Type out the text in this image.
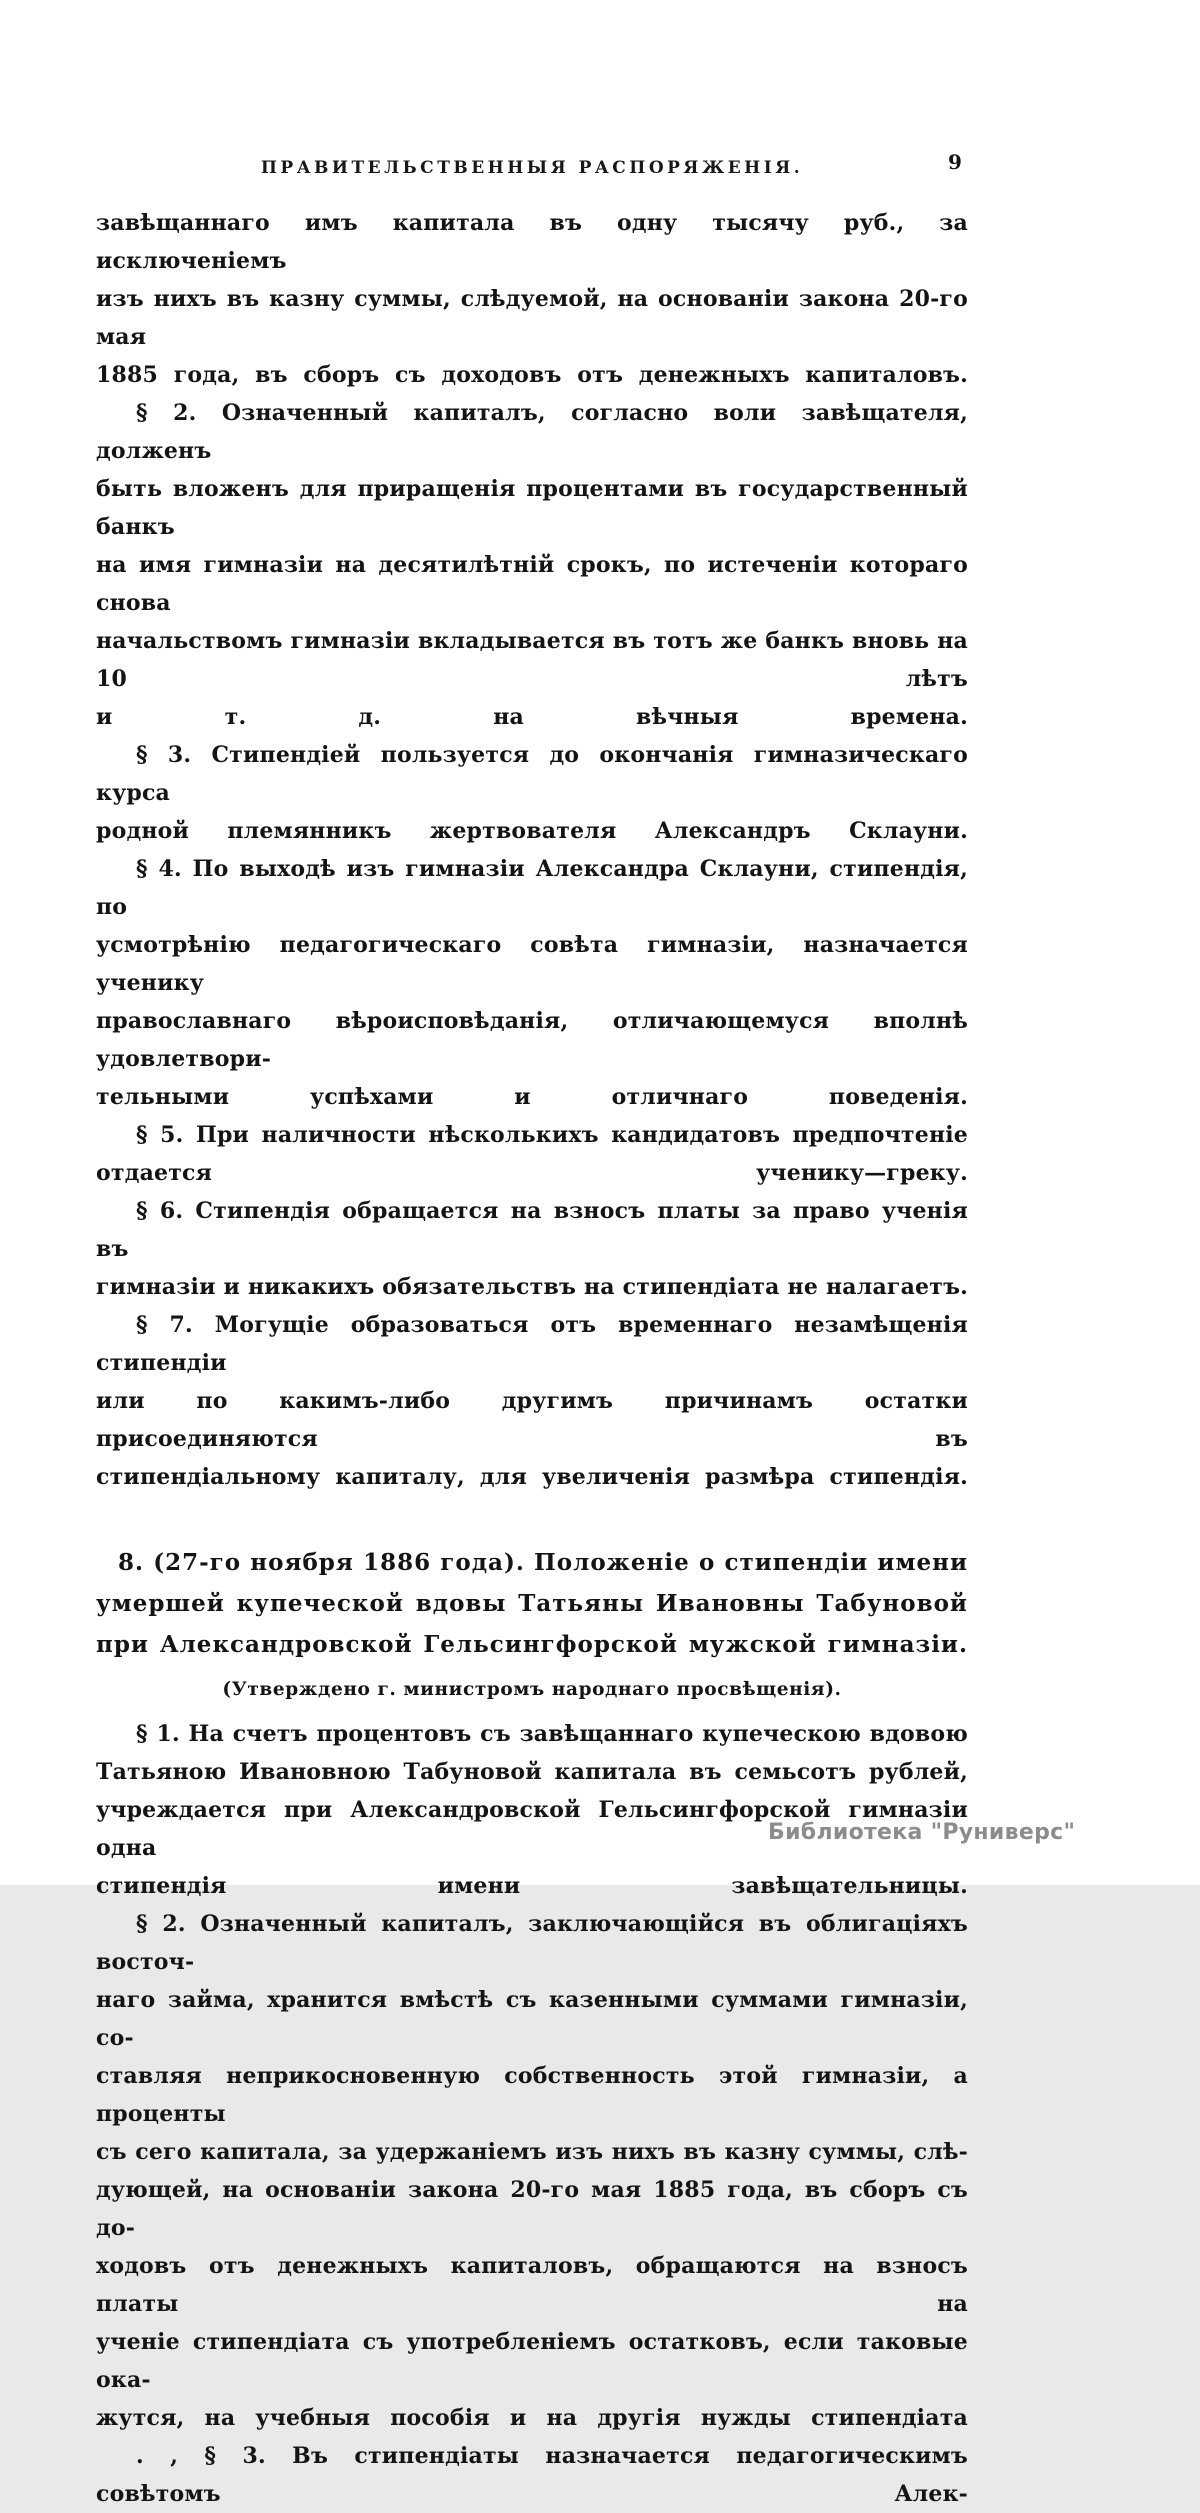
ПРАВИТЕЛЬСТВЕННЫЯ РАСПОРЯЖЕНІЯ.	9
завѣщаннаго имъ капитала въ одну тысячу руб., за исключеніемъ
изъ нихъ въ казну суммы, слѣдуемой, на основаніи закона 20-го мая
1885 года, въ сборъ съ доходовъ отъ денежныхъ капиталовъ.
§ 2. Означенный капиталъ, согласно воли завѣщателя, долженъ
быть вложенъ для приращенія процентами въ государственный банкъ
на имя гимназіи на десятилѣтній срокъ, по истеченіи котораго снова
начальствомъ гимназіи вкладывается въ тотъ же банкъ вновь на 10 лѣтъ
и т. д. на вѣчныя времена.
§ 3. Стипендіей пользуется до окончанія гимназическаго курса
родной племянникъ жертвователя Александръ Склауни.
§ 4. По выходѣ изъ гимназіи Александра Склауни, стипендія, по
усмотрѣнію педагогическаго совѣта гимназіи, назначается ученику
православнаго вѣроисповѣданія, отличающемуся вполнѣ удовлетвори-
тельными успѣхами и отличнаго поведенія.
§ 5. При наличности нѣсколькихъ кандидатовъ предпочтеніе
отдается ученику—греку.
§ 6. Стипендія обращается на взносъ платы за право ученія въ
гимназіи и никакихъ обязательствъ на стипендіата не налагаетъ.
§ 7. Могущіе образоваться отъ временнаго незамѣщенія стипендіи
или по какимъ-либо другимъ причинамъ остатки присоединяются въ
стипендіальному капиталу, для увеличенія размѣра стипендія.
8. (27-го ноября 1886 года). Положеніе о стипендіи имени
умершей купеческой вдовы Татьяны Ивановны Табуновой
при Александровской Гельсингфорской мужской гимназіи.
(Утверждено г. министромъ народнаго просвѣщенія).
§ 1. На счетъ процентовъ съ завѣщаннаго купеческою вдовою
Татьяною Ивановною Табуновой капитала въ семьсотъ рублей,
учреждается при Александровской Гельсингфорской гимназіи одна
стипендія имени завѣщательницы.
§ 2. Означенный капиталъ, заключающійся въ облигаціяхъ восточ-
наго займа, хранится вмѣстѣ съ казенными суммами гимназіи, со-
ставляя неприкосновенную собственность этой гимназіи, а проценты
съ сего капитала, за удержаніемъ изъ нихъ въ казну суммы, слѣ-
дующей, на основаніи закона 20-го мая 1885 года, въ сборъ съ до-
ходовъ отъ денежныхъ капиталовъ, обращаются на взносъ платы на
ученіе стипендіата съ употребленіемъ остатковъ, если таковые ока-
жутся, на учебныя пособія и на другія нужды стипендіата
. , § 3. Въ стипендіаты назначается педагогическимъ совѣтомъ Алек-
Библиотека "Руниверс"
